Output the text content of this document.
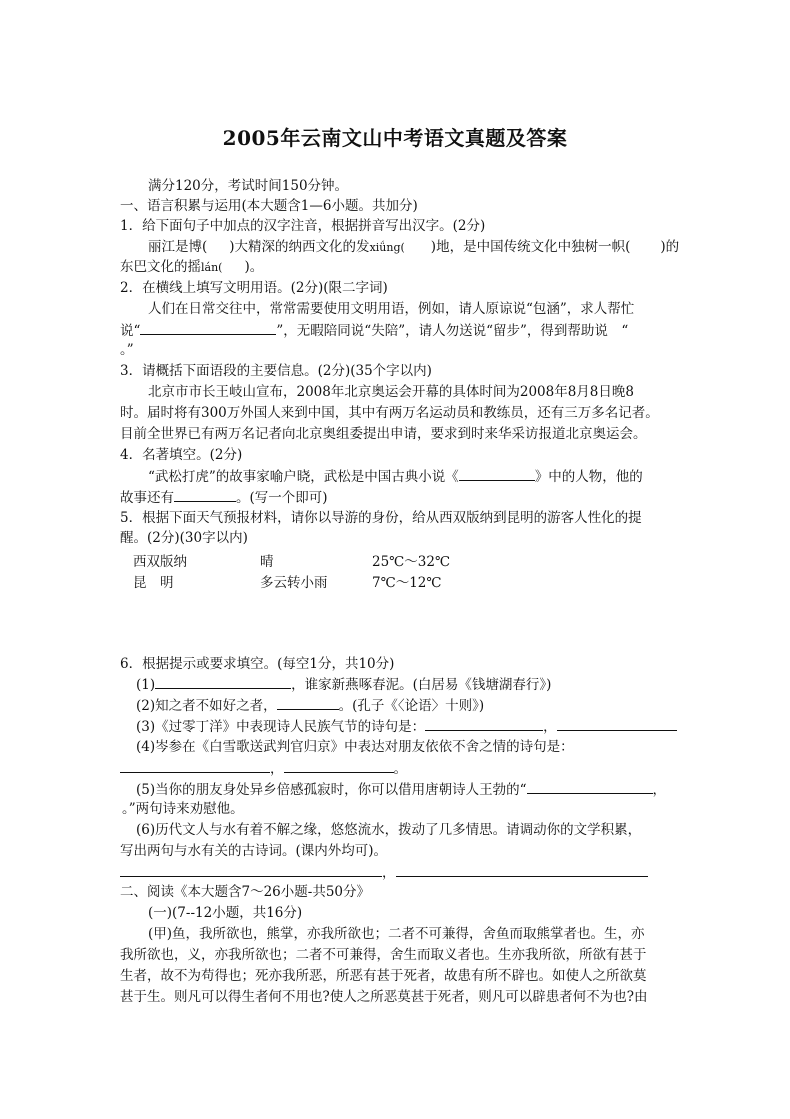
2005年云南文山中考语文真题及答案
满分120分，考试时间150分钟。
一、语言积累与运用(本大题含1—6小题。共加分)
1．给下面句子中加点的汉字注音，根据拼音写出汉字。(2分)
丽江是博( )大精深的纳西文化的发xiǘng( )地，是中国传统文化中独树一帜( )的
东巴文化的摇lán( )。
2．在横线上填写文明用语。(2分)(限二字词)
人们在日常交往中，常常需要使用文明用语，例如，请人原谅说“包涵”，求人帮忙
说“	”，无暇陪同说“失陪”，请人勿送说“留步”，得到帮助说　“
。”
3．请概括下面语段的主要信息。(2分)(35个字以内)
北京市市长王岐山宣布，2008年北京奥运会开幕的具体时间为2008年8月8日晚8
时。届时将有300万外国人来到中国，其中有两万名运动员和教练员，还有三万多名记者。
目前全世界已有两万名记者向北京奥组委提出申请，要求到时来华采访报道北京奥运会。
4．名著填空。(2分)
“武松打虎”的故事家喻户晓，武松是中国古典小说《	》中的人物，他的
故事还有	。(写一个即可)
5．根据下面天气预报材料，请你以导游的身份，给从西双版纳到昆明的游客人性化的提
醒。(2分)(30字以内)
西双版纳	晴	25℃～32℃
昆　明	多云转小雨	7℃～12℃
6．根据提示或要求填空。(每空1分，共10分)
(1)	，谁家新燕啄春泥。(白居易《钱塘湖春行》)
(2)知之者不如好之者，	。(孔子《〈论语〉十则》)
(3)《过零丁洋》中表现诗人民族气节的诗句是：	，
(4)岑参在《白雪歌送武判官归京》中表达对朋友依依不舍之情的诗句是：
，	。
(5)当你的朋友身处异乡倍感孤寂时，你可以借用唐朝诗人王勃的“	，
。”两句诗来劝慰他。
(6)历代文人与水有着不解之缘，悠悠流水，拨动了几多情思。请调动你的文学积累，
写出两句与水有关的古诗词。(课内外均可)。
，
二、阅读《本大题含7～26小题-共50分》
(一)(7--12小题，共16分)
(甲)鱼，我所欲也，熊掌，亦我所欲也；二者不可兼得，舍鱼而取熊掌者也。生，亦
我所欲也，义，亦我所欲也；二者不可兼得，舍生而取义者也。生亦我所欲，所欲有甚于
生者，故不为苟得也；死亦我所恶，所恶有甚于死者，故患有所不辟也。如使人之所欲莫
甚于生。则凡可以得生者何不用也?使人之所恶莫甚于死者，则凡可以辟患者何不为也?由
